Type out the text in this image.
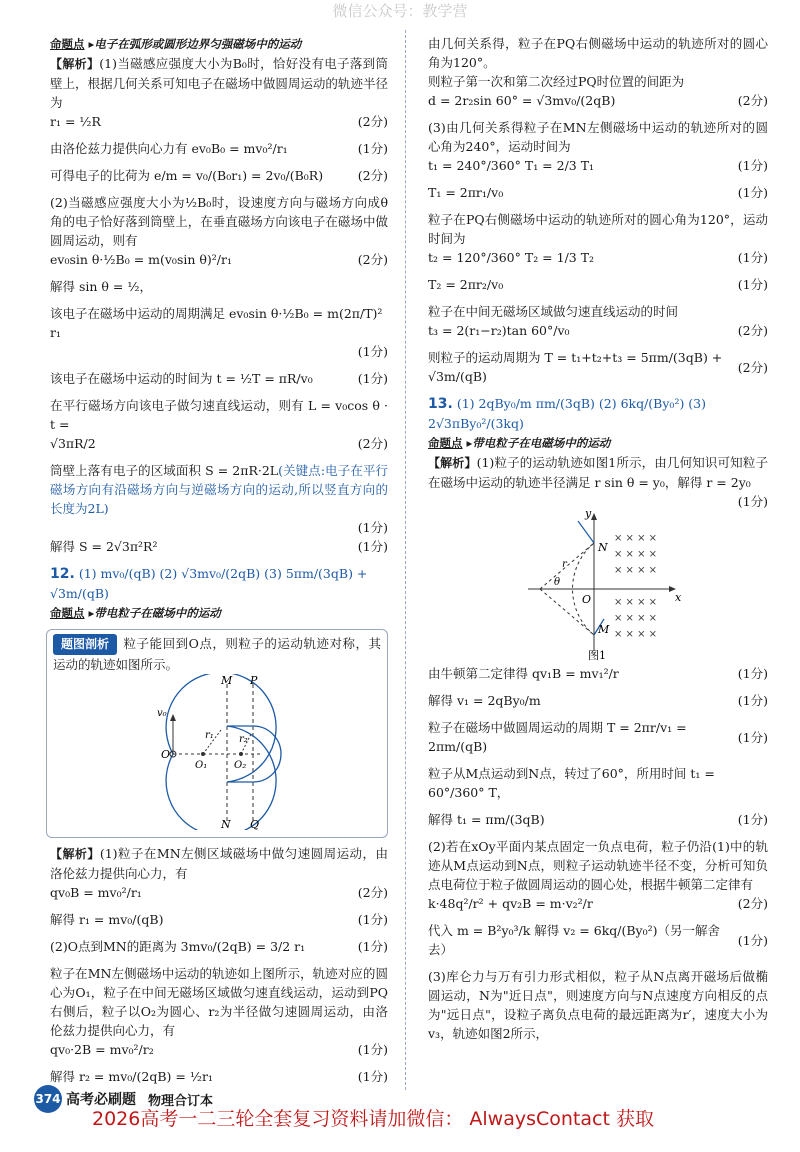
微信公众号：教学营

命题点 ▸电子在弧形或圆形边界匀强磁场中的运动

【解析】(1)当磁感应强度大小为B₀时，恰好没有电子落到筒壁上，根据几何关系可知电子在磁场中做圆周运动的轨迹半径为

r₁ = ½R	(2分)
由洛伦兹力提供向心力有 ev₀B₀ = mv₀²/r₁	(1分)
可得电子的比荷为 e/m = v₀/(B₀r₁) = 2v₀/(B₀R)	(2分)

(2)当磁感应强度大小为½B₀时，设速度方向与磁场方向成θ角的电子恰好落到筒壁上，在垂直磁场方向该电子在磁场中做圆周运动，则有

ev₀sin θ·½B₀ = m(v₀sin θ)²/r₁	(2分)
解得 sin θ = ½，
该电子在磁场中运动的周期满足 ev₀sin θ·½B₀ = m(2π/T)² r₁
(1分)
该电子在磁场中运动的时间为 t = ½T = πR/v₀	(1分)

在平行磁场方向该电子做匀速直线运动，则有 L = v₀cos θ · t =

√3πR/2	(2分)

筒壁上落有电子的区域面积 S = 2πR·2L(关键点:电子在平行磁场方向有沿磁场方向与逆磁场方向的运动,所以竖直方向的长度为2L)

(1分)
解得 S = 2√3π²R²	(1分)
12. (1) mv₀/(qB) (2) √3mv₀/(2qB) (3) 5πm/(3qB) + √3m/(qB)

命题点 ▸带电粒子在磁场中的运动

题图剖析 粒子能回到O点，则粒子的运动轨迹对称，其运动的轨迹如图所示。

M P
N Q
O
O₁	O₂
r₁	r₂
v₀

【解析】(1)粒子在MN左侧区域磁场中做匀速圆周运动，由洛伦兹力提供向心力，有

qv₀B = mv₀²/r₁	(2分)
解得 r₁ = mv₀/(qB)	(1分)
(2)O点到MN的距离为 3mv₀/(2qB) = 3/2 r₁	(1分)

粒子在MN左侧磁场中运动的轨迹如上图所示，轨迹对应的圆心为O₁，粒子在中间无磁场区域做匀速直线运动，运动到PQ右侧后，粒子以O₂为圆心、r₂为半径做匀速圆周运动，由洛伦兹力提供向心力，有

qv₀·2B = mv₀²/r₂	(1分)
解得 r₂ = mv₀/(2qB) = ½r₁	(1分)

由几何关系得，粒子在PQ右侧磁场中运动的轨迹所对的圆心角为120°。

则粒子第一次和第二次经过PQ时位置的间距为

d = 2r₂sin 60° = √3mv₀/(2qB)	(2分)

(3)由几何关系得粒子在MN左侧磁场中运动的轨迹所对的圆心角为240°，运动时间为

t₁ = 240°/360° T₁ = 2/3 T₁	(1分)
T₁ = 2πr₁/v₀	(1分)

粒子在PQ右侧磁场中运动的轨迹所对的圆心角为120°，运动时间为

t₂ = 120°/360° T₂ = 1/3 T₂	(1分)
T₂ = 2πr₂/v₀	(1分)

粒子在中间无磁场区域做匀速直线运动的时间

t₃ = 2(r₁−r₂)tan 60°/v₀	(2分)
则粒子的运动周期为 T = t₁+t₂+t₃ = 5πm/(3qB) + √3m/(qB)
(2分)
13. (1) 2qBy₀/m πm/(3qB) (2) 6kq/(By₀²) (3) 2√3πBy₀²/(3kq)

命题点 ▸带电粒子在电磁场中的运动

【解析】(1)粒子的运动轨迹如图1所示，由几何知识可知粒子在磁场中运动的轨迹半径满足 r sin θ = y₀，解得 r = 2y₀

(1分)
× × × ×
× × × ×
× × × ×
× × × ×
× × × ×
× × × ×
y
x
O
N
M
θ
r
图1
由牛顿第二定律得 qv₁B = mv₁²/r	(1分)
解得 v₁ = 2qBy₀/m	(1分)
粒子在磁场中做圆周运动的周期 T = 2πr/v₁ = 2πm/(qB)
(1分)
粒子从M点运动到N点，转过了60°，所用时间 t₁ = 60°/360° T，
解得 t₁ = πm/(3qB)	(1分)

(2)若在xOy平面内某点固定一负点电荷，粒子仍沿(1)中的轨迹从M点运动到N点，则粒子运动轨迹半径不变，分析可知负点电荷位于粒子做圆周运动的圆心处，根据牛顿第二定律有

k·48q²/r² + qv₂B = m·v₂²/r	(2分)
代入 m = B²y₀³/k 解得 v₂ = 6kq/(By₀²)（另一解舍去）
(1分)

(3)库仑力与万有引力形式相似，粒子从N点离开磁场后做椭圆运动，N为"近日点"，则速度方向与N点速度方向相反的点为"远日点"，设粒子离负点电荷的最远距离为r′，速度大小为v₃，轨迹如图2所示，

374 高考必刷题 物理合订本
2026高考一二三轮全套复习资料请加微信： AlwaysContact 获取
